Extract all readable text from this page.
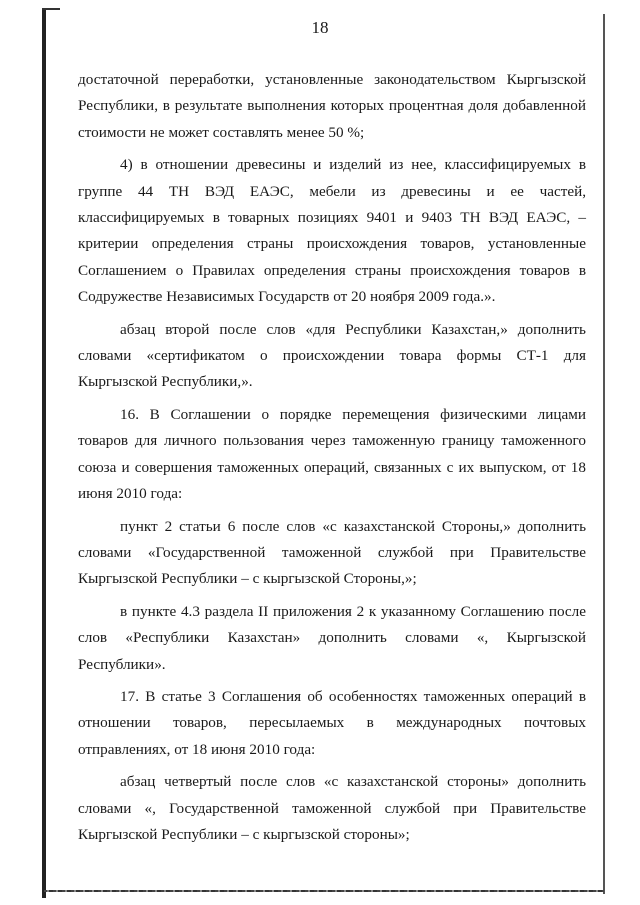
18

достаточной переработки, установленные законодательством Кыргызской Республики, в результате выполнения которых процентная доля добавленной стоимости не может составлять менее 50 %;

4) в отношении древесины и изделий из нее, классифицируемых в группе 44 ТН ВЭД ЕАЭС, мебели из древесины и ее частей, классифицируемых в товарных позициях 9401 и 9403 ТН ВЭД ЕАЭС, – критерии определения страны происхождения товаров, установленные Соглашением о Правилах определения страны происхождения товаров в Содружестве Независимых Государств от 20 ноября 2009 года.».

абзац второй после слов «для Республики Казахстан,» дополнить словами «сертификатом о происхождении товара формы СТ-1 для Кыргызской Республики,».

16. В Соглашении о порядке перемещения физическими лицами товаров для личного пользования через таможенную границу таможенного союза и совершения таможенных операций, связанных с их выпуском, от 18 июня 2010 года:

пункт 2 статьи 6 после слов «с казахстанской Стороны,» дополнить словами «Государственной таможенной службой при Правительстве Кыргызской Республики – с кыргызской Стороны,»;

в пункте 4.3 раздела II приложения 2 к указанному Соглашению после слов «Республики Казахстан» дополнить словами «, Кыргызской Республики».

17. В статье 3 Соглашения об особенностях таможенных операций в отношении товаров, пересылаемых в международных почтовых отправлениях, от 18 июня 2010 года:

абзац четвертый после слов «с казахстанской стороны» дополнить словами «, Государственной таможенной службой при Правительстве Кыргызской Республики – с кыргызской стороны»;
